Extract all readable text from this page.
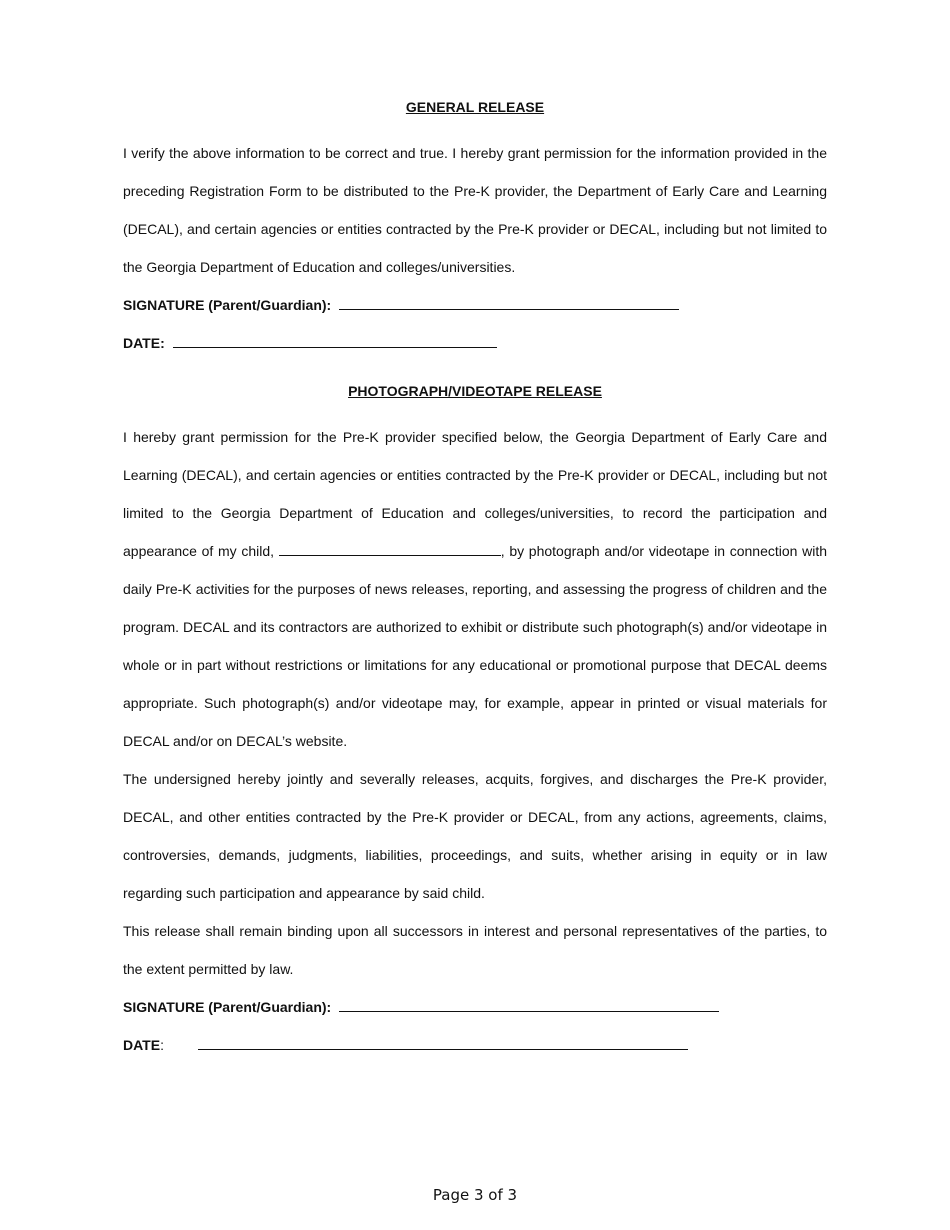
GENERAL RELEASE

I verify the above information to be correct and true. I hereby grant permission for the information provided in the preceding Registration Form to be distributed to the Pre-K provider, the Department of Early Care and Learning (DECAL), and certain agencies or entities contracted by the Pre-K provider or DECAL, including but not limited to the Georgia Department of Education and colleges/universities.

SIGNATURE (Parent/Guardian):
DATE:
PHOTOGRAPH/VIDEOTAPE RELEASE

I hereby grant permission for the Pre-K provider specified below, the Georgia Department of Early Care and Learning (DECAL), and certain agencies or entities contracted by the Pre-K provider or DECAL, including but not limited to the Georgia Department of Education and colleges/universities, to record the participation and appearance of my child,	, by photograph and/or videotape in connection with daily Pre-K activities for the purposes of news releases, reporting, and assessing the progress of children and the program. DECAL and its contractors are authorized to exhibit or distribute such photograph(s) and/or videotape in whole or in part without restrictions or limitations for any educational or promotional purpose that DECAL deems appropriate. Such photograph(s) and/or videotape may, for example, appear in printed or visual materials for DECAL and/or on DECAL’s website.

The undersigned hereby jointly and severally releases, acquits, forgives, and discharges the Pre-K provider, DECAL, and other entities contracted by the Pre-K provider or DECAL, from any actions, agreements, claims, controversies, demands, judgments, liabilities, proceedings, and suits, whether arising in equity or in law regarding such participation and appearance by said child.

This release shall remain binding upon all successors in interest and personal representatives of the parties, to the extent permitted by law.

SIGNATURE (Parent/Guardian):
DATE:
Page 3 of 3
